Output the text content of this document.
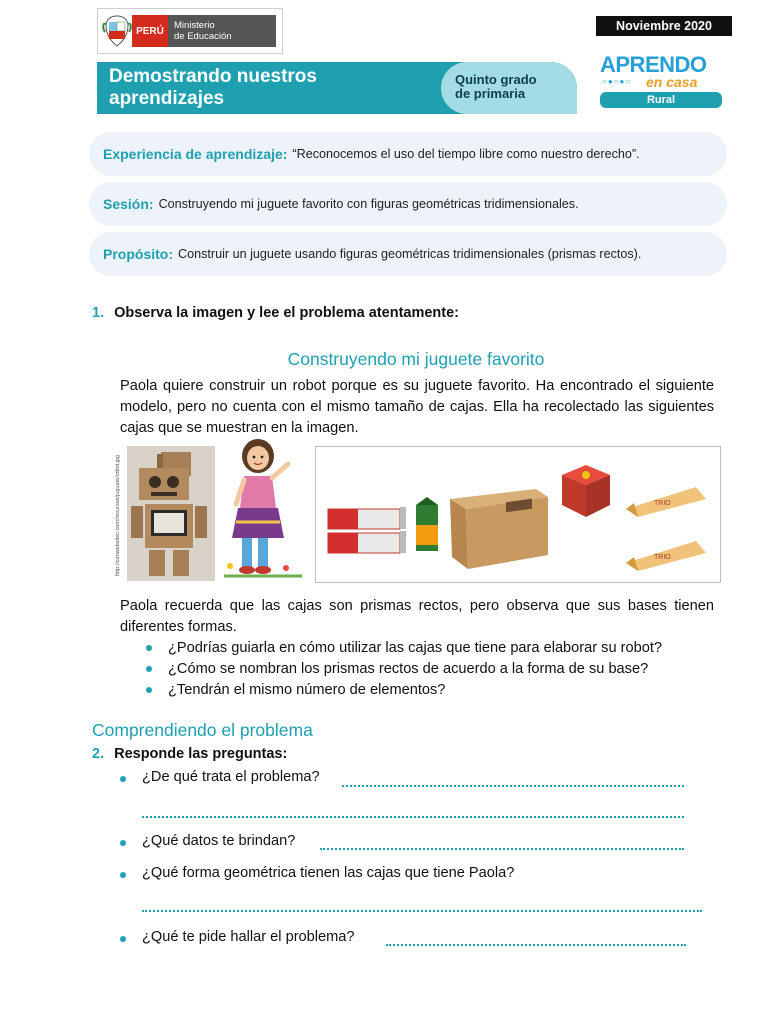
PERÚ	Ministerio
de Educación
Noviembre 2020
Demostrando nuestros
aprendizajes
Quinto grado
de primaria
APRENDO
○●○●○ en casa
Rural
Experiencia de aprendizaje: “Reconocemos el uso del tiempo libre como nuestro derecho”.
Sesión: Construyendo mi juguete favorito con figuras geométricas tridimensionales.
Propósito: Construir un juguete usando figuras geométricas tridimensionales (prismas rectos).
1. Observa la imagen y lee el problema atentamente:
Construyendo mi juguete favorito
Paola quiere construir un robot porque es su juguete favorito. Ha encontrado el siguiente modelo, pero no cuenta con el mismo tamaño de cajas. Ella ha recolectado las siguientes cajas que se muestran en la imagen.
http://cdnwebsitec.com/recursos/juguete/robot.jpg	TRIO
TRIO
Paola recuerda que las cajas son prismas rectos, pero observa que sus bases tienen diferentes formas.
¿Podrías guiarla en cómo utilizar las cajas que tiene para elaborar su robot?
¿Cómo se nombran los prismas rectos de acuerdo a la forma de su base?
¿Tendrán el mismo número de elementos?
Comprendiendo el problema
2. Responde las preguntas:
¿De qué trata el problema?
¿Qué datos te brindan?
¿Qué forma geométrica tienen las cajas que tiene Paola?
¿Qué te pide hallar el problema?
